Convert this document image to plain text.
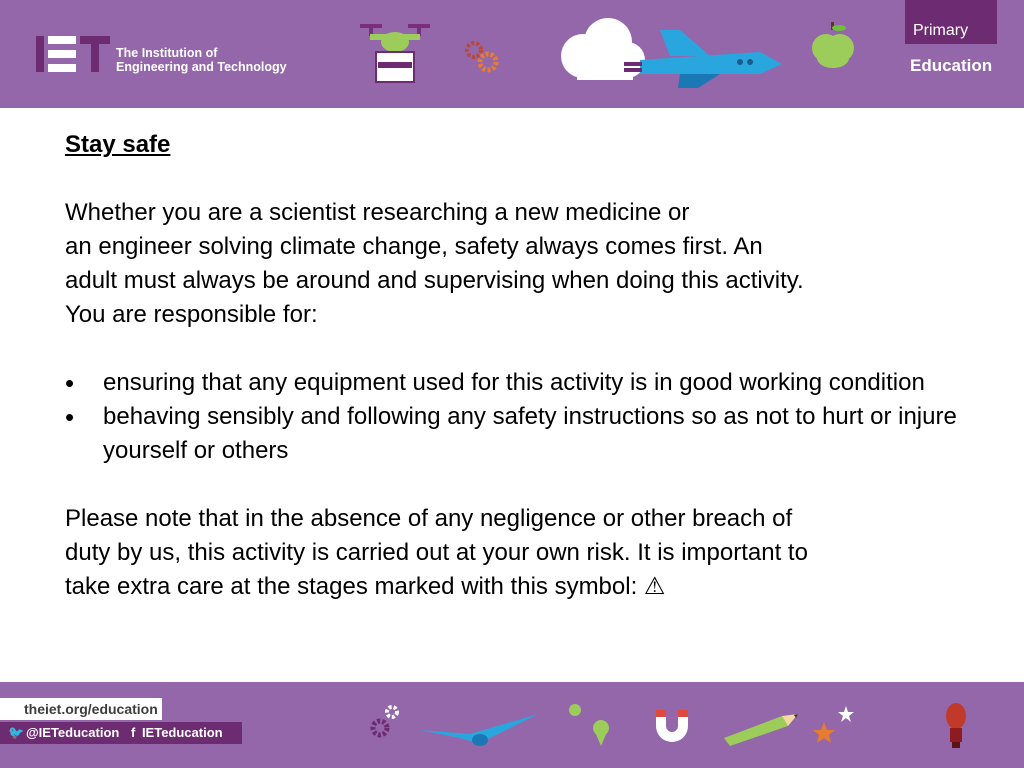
The Institution of
Engineering and Technology
Primary
Education
Stay safe

Whether you are a scientist researching a new medicine or
an engineer solving climate change, safety always comes first. An
adult must always be around and supervising when doing this activity.
You are responsible for:

• ensuring that any equipment used for this activity is in good working condition
• behaving sensibly and following any safety instructions so as not to hurt or injure yourself or others

Please note that in the absence of any negligence or other breach of
duty by us, this activity is carried out at your own risk. It is important to
take extra care at the stages marked with this symbol: ⚠

theiet.org/education
🐦 @IETeducation f IETeducation
